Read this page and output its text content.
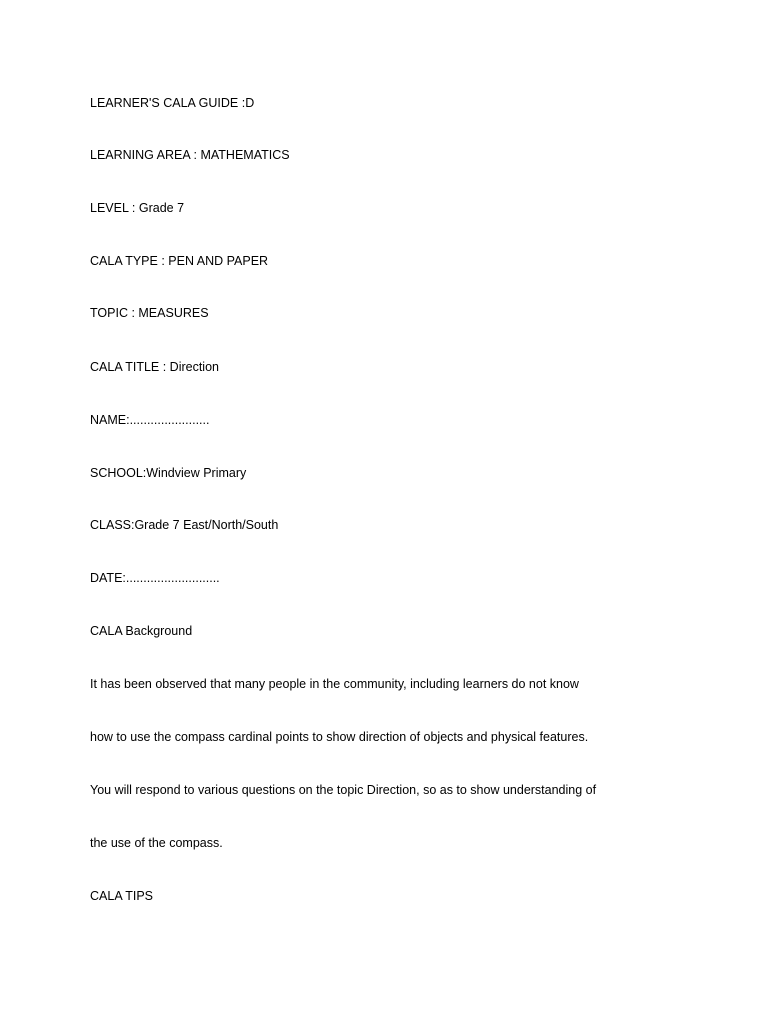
LEARNER'S CALA GUIDE :D

LEARNING AREA : MATHEMATICS

LEVEL : Grade 7

CALA TYPE : PEN AND PAPER

TOPIC : MEASURES

CALA TITLE : Direction

NAME:.......................

SCHOOL:Windview Primary

CLASS:Grade 7 East/North/South

DATE:...........................

CALA Background

It has been observed that many people in the community, including learners do not know

how to use the compass cardinal points to show direction of objects and physical features.

You will respond to various questions on the topic Direction, so as to show understanding of

the use of the compass.

CALA TIPS
